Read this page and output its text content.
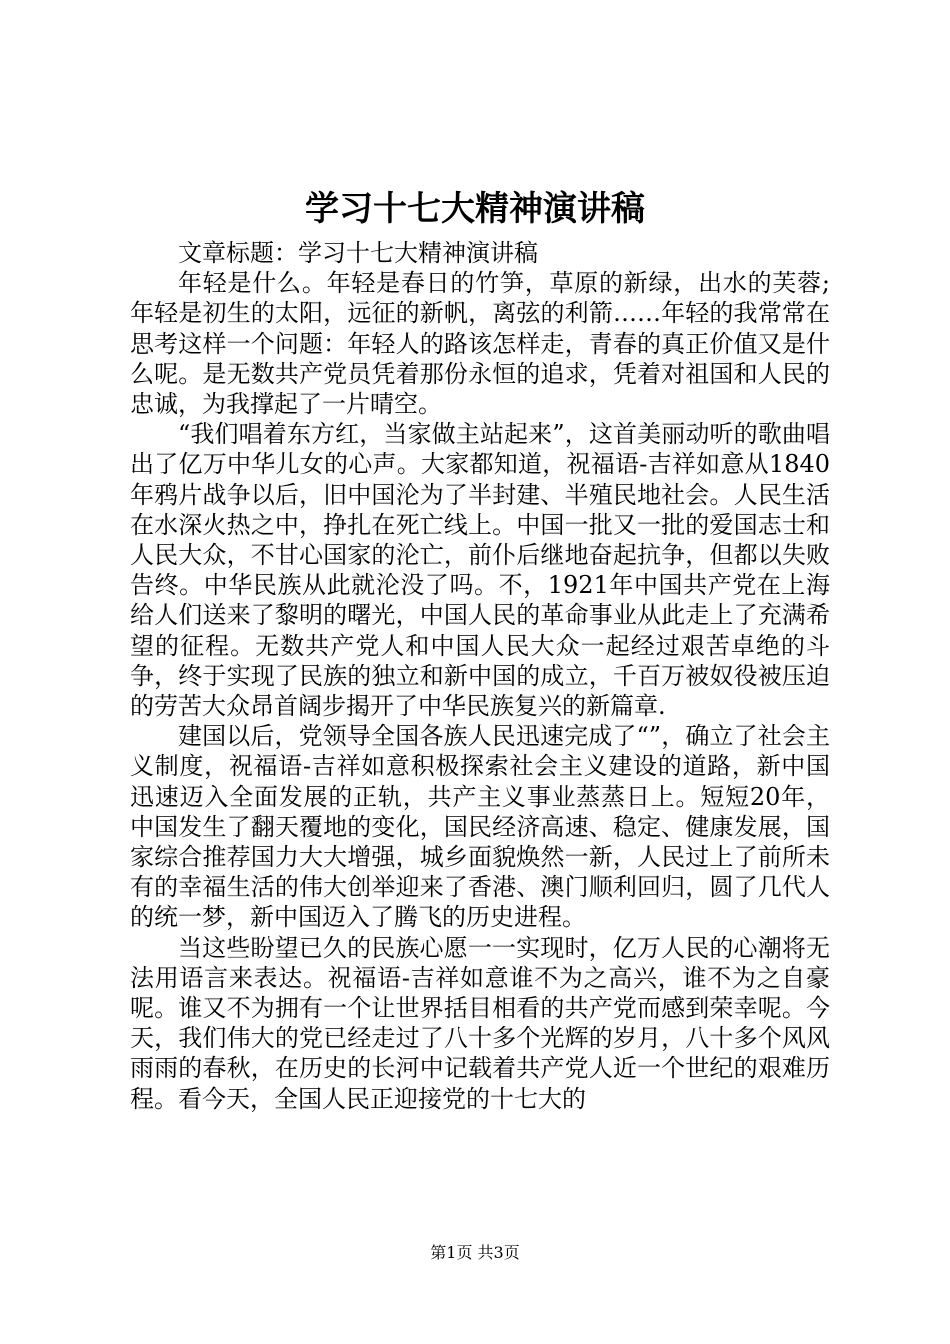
学习十七大精神演讲稿

文章标题：学习十七大精神演讲稿

年轻是什么。年轻是春日的竹笋，草原的新绿，出水的芙蓉;年轻是初生的太阳，远征的新帆，离弦的利箭……年轻的我常常在思考这样一个问题：年轻人的路该怎样走，青春的真正价值又是什么呢。是无数共产党员凭着那份永恒的追求，凭着对祖国和人民的忠诚，为我撑起了一片晴空。

“我们唱着东方红，当家做主站起来”，这首美丽动听的歌曲唱出了亿万中华儿女的心声。大家都知道，祝福语-吉祥如意从1840年鸦片战争以后，旧中国沦为了半封建、半殖民地社会。人民生活在水深火热之中，挣扎在死亡线上。中国一批又一批的爱国志士和人民大众，不甘心国家的沦亡，前仆后继地奋起抗争，但都以失败告终。中华民族从此就沦没了吗。不，1921年中国共产党在上海给人们送来了黎明的曙光，中国人民的革命事业从此走上了充满希望的征程。无数共产党人和中国人民大众一起经过艰苦卓绝的斗争，终于实现了民族的独立和新中国的成立，千百万被奴役被压迫的劳苦大众昂首阔步揭开了中华民族复兴的新篇章.

建国以后，党领导全国各族人民迅速完成了“”，确立了社会主义制度，祝福语-吉祥如意积极探索社会主义建设的道路，新中国迅速迈入全面发展的正轨，共产主义事业蒸蒸日上。短短20年，中国发生了翻天覆地的变化，国民经济高速、稳定、健康发展，国家综合推荐国力大大增强，城乡面貌焕然一新，人民过上了前所未有的幸福生活的伟大创举迎来了香港、澳门顺利回归，圆了几代人的统一梦，新中国迈入了腾飞的历史进程。

当这些盼望已久的民族心愿一一实现时，亿万人民的心潮将无法用语言来表达。祝福语-吉祥如意谁不为之高兴，谁不为之自豪呢。谁又不为拥有一个让世界括目相看的共产党而感到荣幸呢。今天，我们伟大的党已经走过了八十多个光辉的岁月，八十多个风风雨雨的春秋，在历史的长河中记载着共产党人近一个世纪的艰难历程。看今天，全国人民正迎接党的十七大的

第1页 共3页
